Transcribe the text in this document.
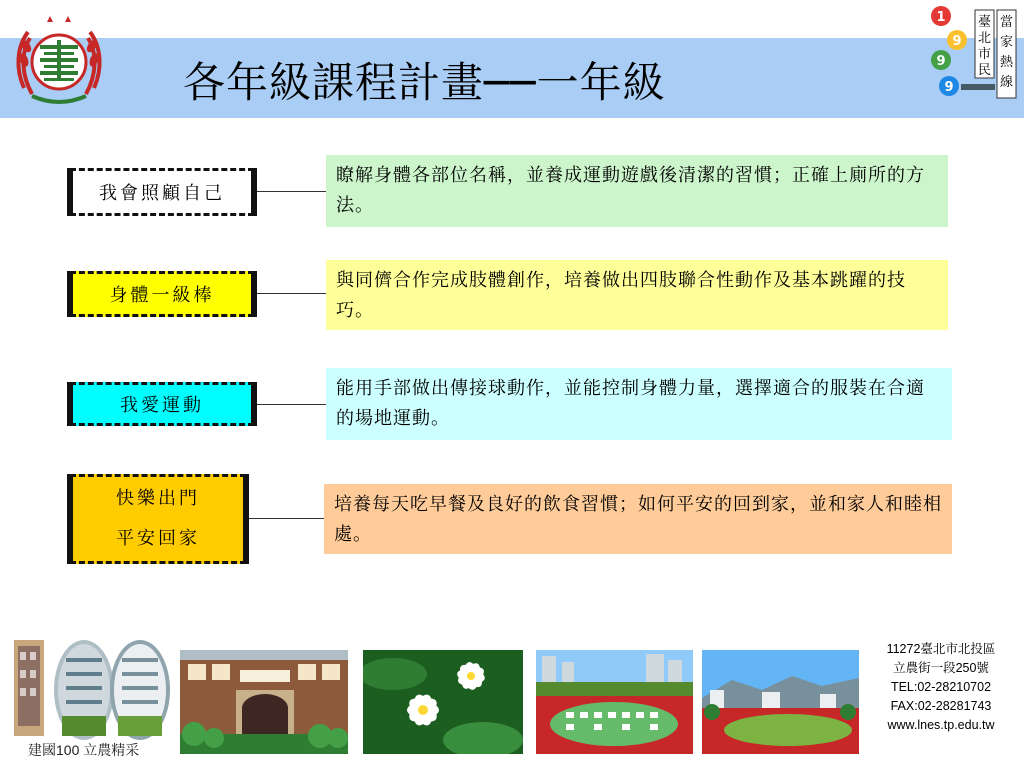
各年級課程計畫──一年級
1
9
9
9
臺
北
市
民
當
家
熱
線
我會照顧自己
瞭解身體各部位名稱，並養成運動遊戲後清潔的習慣；正確上廁所的方法。
身體一級棒
與同儕合作完成肢體創作，培養做出四肢聯合性動作及基本跳躍的技巧。
我愛運動
能用手部做出傳接球動作，並能控制身體力量，選擇適合的服裝在合適的場地運動。
快樂出門
平安回家
培養每天吃早餐及良好的飲食習慣；如何平安的回到家，並和家人和睦相處。
建國100 立農精采
11272臺北市北投區
立農街一段250號
TEL:02-28210702
FAX:02-28281743
www.lnes.tp.edu.tw
